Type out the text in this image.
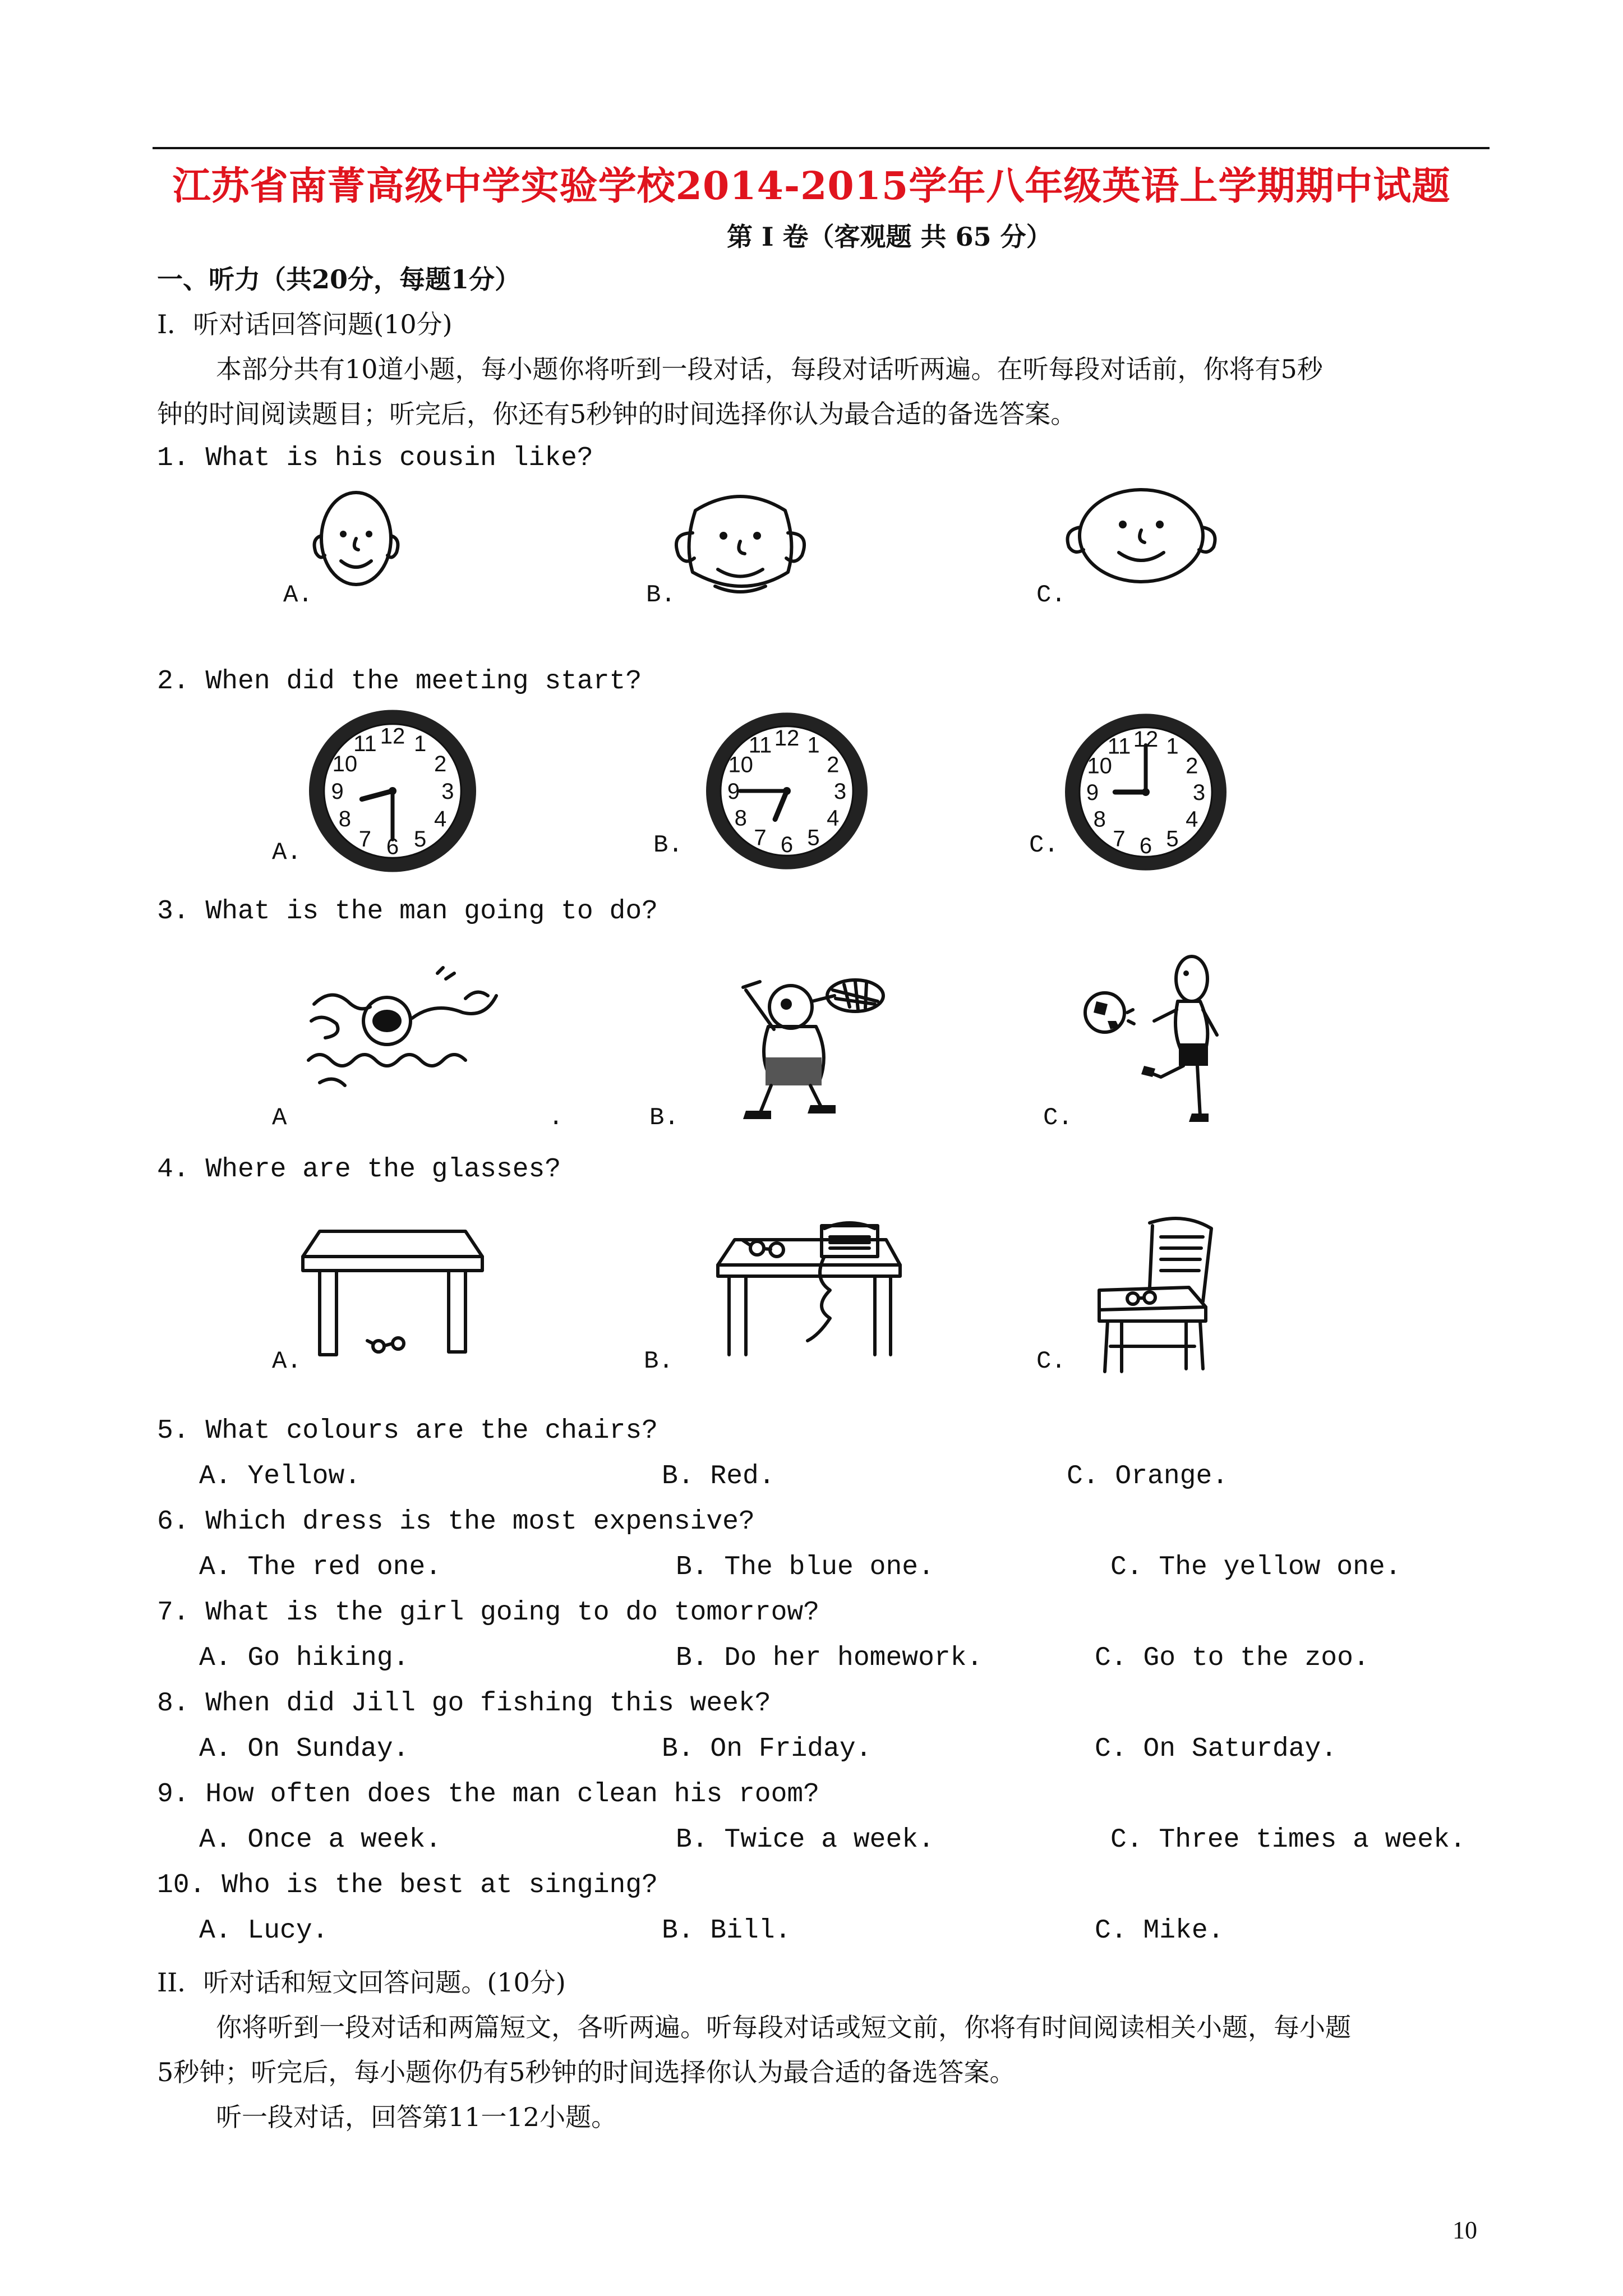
江苏省南菁高级中学实验学校2014-2015学年八年级英语上学期期中试题
第 I 卷（客观题 共 65 分）
一、听力（共20分，每题1分）
I．听对话回答问题(10分)
本部分共有10道小题，每小题你将听到一段对话，每段对话听两遍。在听每段对话前，你将有5秒
钟的时间阅读题目；听完后，你还有5秒钟的时间选择你认为最合适的备选答案。
1. What is his cousin like?
A.	B.	C.
2. When did the meeting start?
12 1
2
3
4
5
6
7
8
9
10
11	12 1
2
3
4
5
6
7
8
9
10
11	12 1
2
3
4
5
6
7
8
9
10
11
A.	B.	C.
3. What is the man going to do?
A	.	B.	C.
4. Where are the glasses?
A.	B.	C.
5. What colours are the chairs?
A. Yellow.	B. Red.	C. Orange.
6. Which dress is the most expensive?
A. The red one.	B. The blue one.	C. The yellow one.
7. What is the girl going to do tomorrow?
A. Go hiking.	B. Do her homework.	C. Go to the zoo.
8. When did Jill go fishing this week?
A. On Sunday.	B. On Friday.	C. On Saturday.
9. How often does the man clean his room?
A. Once a week.	B. Twice a week.	C. Three times a week.
10. Who is the best at singing?
A. Lucy.	B. Bill.	C. Mike.
II．听对话和短文回答问题。(10分)
你将听到一段对话和两篇短文，各听两遍。听每段对话或短文前，你将有时间阅读相关小题，每小题
5秒钟；听完后，每小题你仍有5秒钟的时间选择你认为最合适的备选答案。
听一段对话，回答第11一12小题。
10
